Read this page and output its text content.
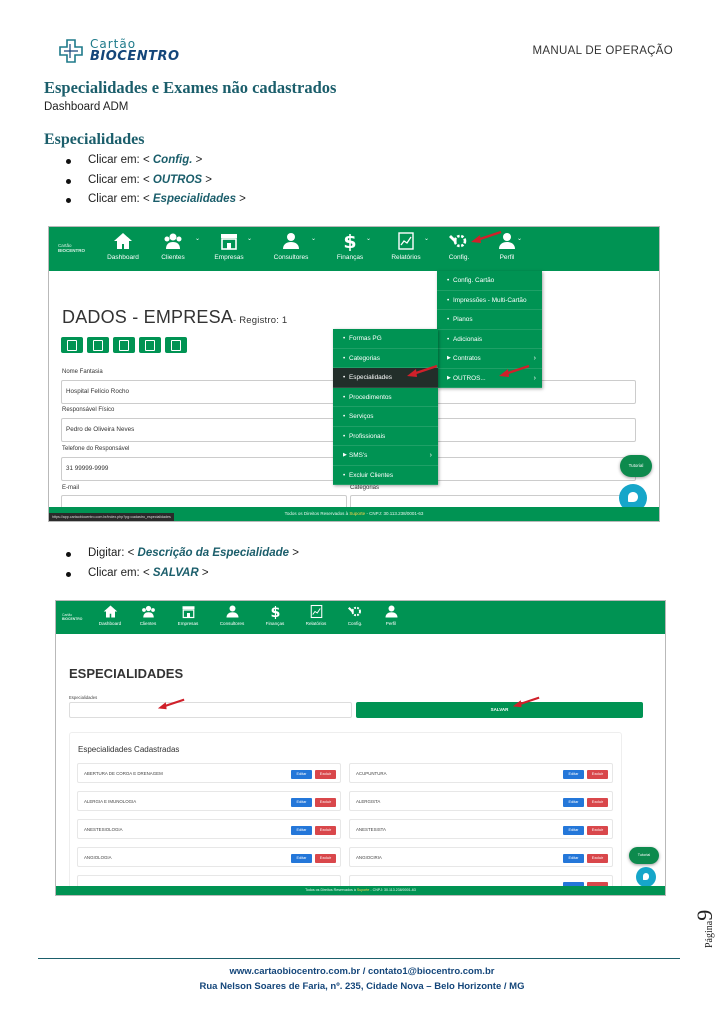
Cartão
BIOCENTRO	MANUAL DE OPERAÇÃO
Especialidades e Exames não cadastrados
Dashboard ADM
Especialidades
Clicar em: < Config. >
Clicar em: < OUTROS >
Clicar em: < Especialidades >
Cartão
BIOCENTRO
Dashboard	Clientes
⌄
Empresas
⌄
Consultores
⌄ $
Finanças
⌄
Relatórios
⌄
Config.	Perfil
⌄
DADOS - EMPRESA- Registro: 1
Nome Fantasia
Hospital Felício Rocho
Responsável Físico
Pedro de Oliveira Neves
Telefone do Responsável
31 99999-9999
E-mail	Categorias
• Config. Cartão
• Impressões - Multi-Cartão
• Planos
• Adicionais
▶ Contratos	›
▶ OUTROS...	›
• Formas PG
• Categorias
• Especialidades
• Procedimentos
• Serviços
• Profissionais
▶ SMS's	›
• Excluir Clientes
Tutorial
Todos os Direitos Reservados à Suporte - CNPJ: 30.113.238/0001-63
https://app.cartaobiocentro.com.br/index.php?pg=cadastro_especialidades
Digitar: < Descrição da Especialidade >
Clicar em: < SALVAR >
Cartão
BIOCENTRO
Dashboard	Clientes	Empresas	Consultores
$
Finanças	Relatórios	Config.	Perfil
ESPECIALIDADES
Especialidades
SALVAR
Especialidades Cadastradas
ABERTURA DE COROA E DRENAGEM	Editar	Excluir	ACUPUNTURA	Editar	Excluir
ALERGIA E IMUNOLOGIA	Editar	Excluir	ALERGISTA	Editar	Excluir
ANESTESIOLOGIA	Editar	Excluir	ANESTESISTA	Editar	Excluir
ANGIOLOGIA	Editar	Excluir	ANGIOCIRIA	Editar	Excluir
Tutorial
Todos os Direitos Reservados à Suporte - CNPJ: 30.113.238/0001-63
Página9
www.cartaobiocentro.com.br / contato1@biocentro.com.br
Rua Nelson Soares de Faria, nº. 235, Cidade Nova – Belo Horizonte / MG
